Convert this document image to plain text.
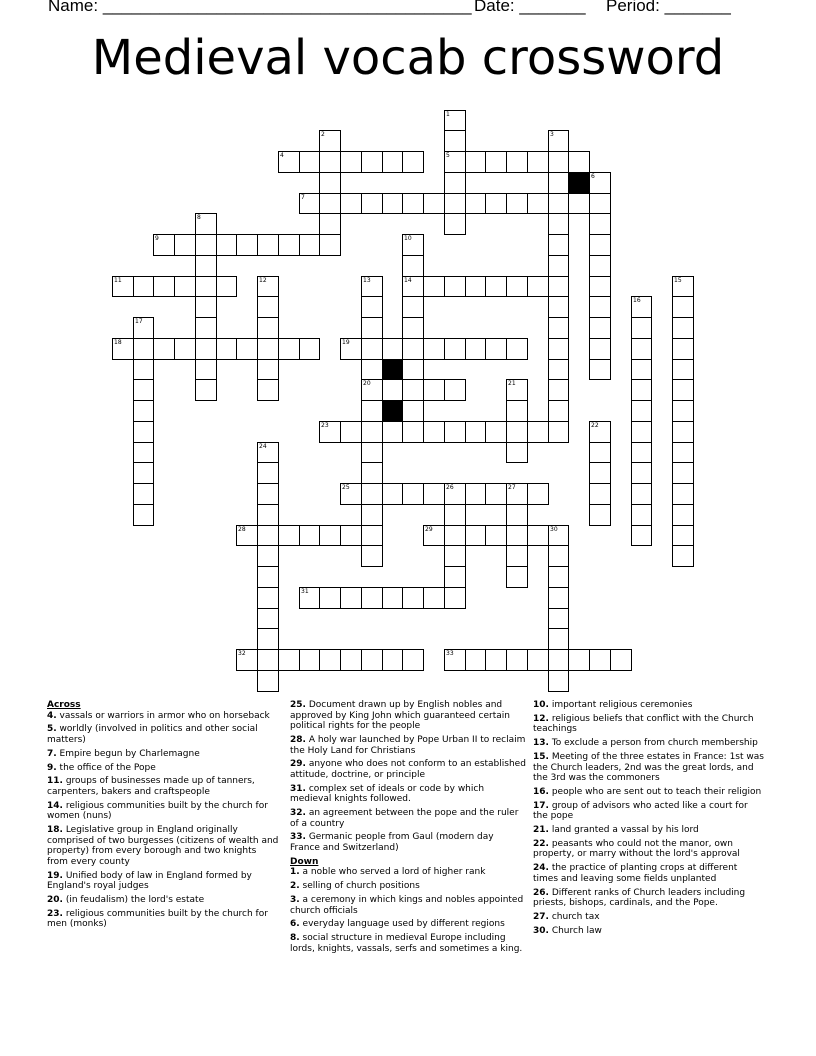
Name: _______________________________________ Date: _______ Period: _______
Medieval vocab crossword
1
5
2	3
4
6
7
8
9	10
14
11	12	13
20
15
16
17
18	19
21
22
23
24
25	26	27
28	29	30
31
32	33

Across

4. vassals or warriors in armor who on horseback

5. worldly (involved in politics and other social matters)

7. Empire begun by Charlemagne

9. the office of the Pope

11. groups of businesses made up of tanners, carpenters, bakers and craftspeople

14. religious communities built by the church for women (nuns)

18. Legislative group in England originally comprised of two burgesses (citizens of wealth and property) from every borough and two knights from every county

19. Unified body of law in England formed by England's royal judges

20. (in feudalism) the lord's estate

23. religious communities built by the church for men (monks)

25. Document drawn up by English nobles and approved by King John which guaranteed certain political rights for the people

28. A holy war launched by Pope Urban II to reclaim the Holy Land for Christians

29. anyone who does not conform to an established attitude, doctrine, or principle

31. complex set of ideals or code by which medieval knights followed.

32. an agreement between the pope and the ruler of a country

33. Germanic people from Gaul (modern day France and Switzerland)

Down

1. a noble who served a lord of higher rank

2. selling of church positions

3. a ceremony in which kings and nobles appointed church officials

6. everyday language used by different regions

8. social structure in medieval Europe including lords, knights, vassals, serfs and sometimes a king.

10. important religious ceremonies

12. religious beliefs that conflict with the Church teachings

13. To exclude a person from church membership

15. Meeting of the three estates in France: 1st was the Church leaders, 2nd was the great lords, and the 3rd was the commoners

16. people who are sent out to teach their religion

17. group of advisors who acted like a court for the pope

21. land granted a vassal by his lord

22. peasants who could not the manor, own property, or marry without the lord's approval

24. the practice of planting crops at different times and leaving some fields unplanted

26. Different ranks of Church leaders including priests, bishops, cardinals, and the Pope.

27. church tax

30. Church law
